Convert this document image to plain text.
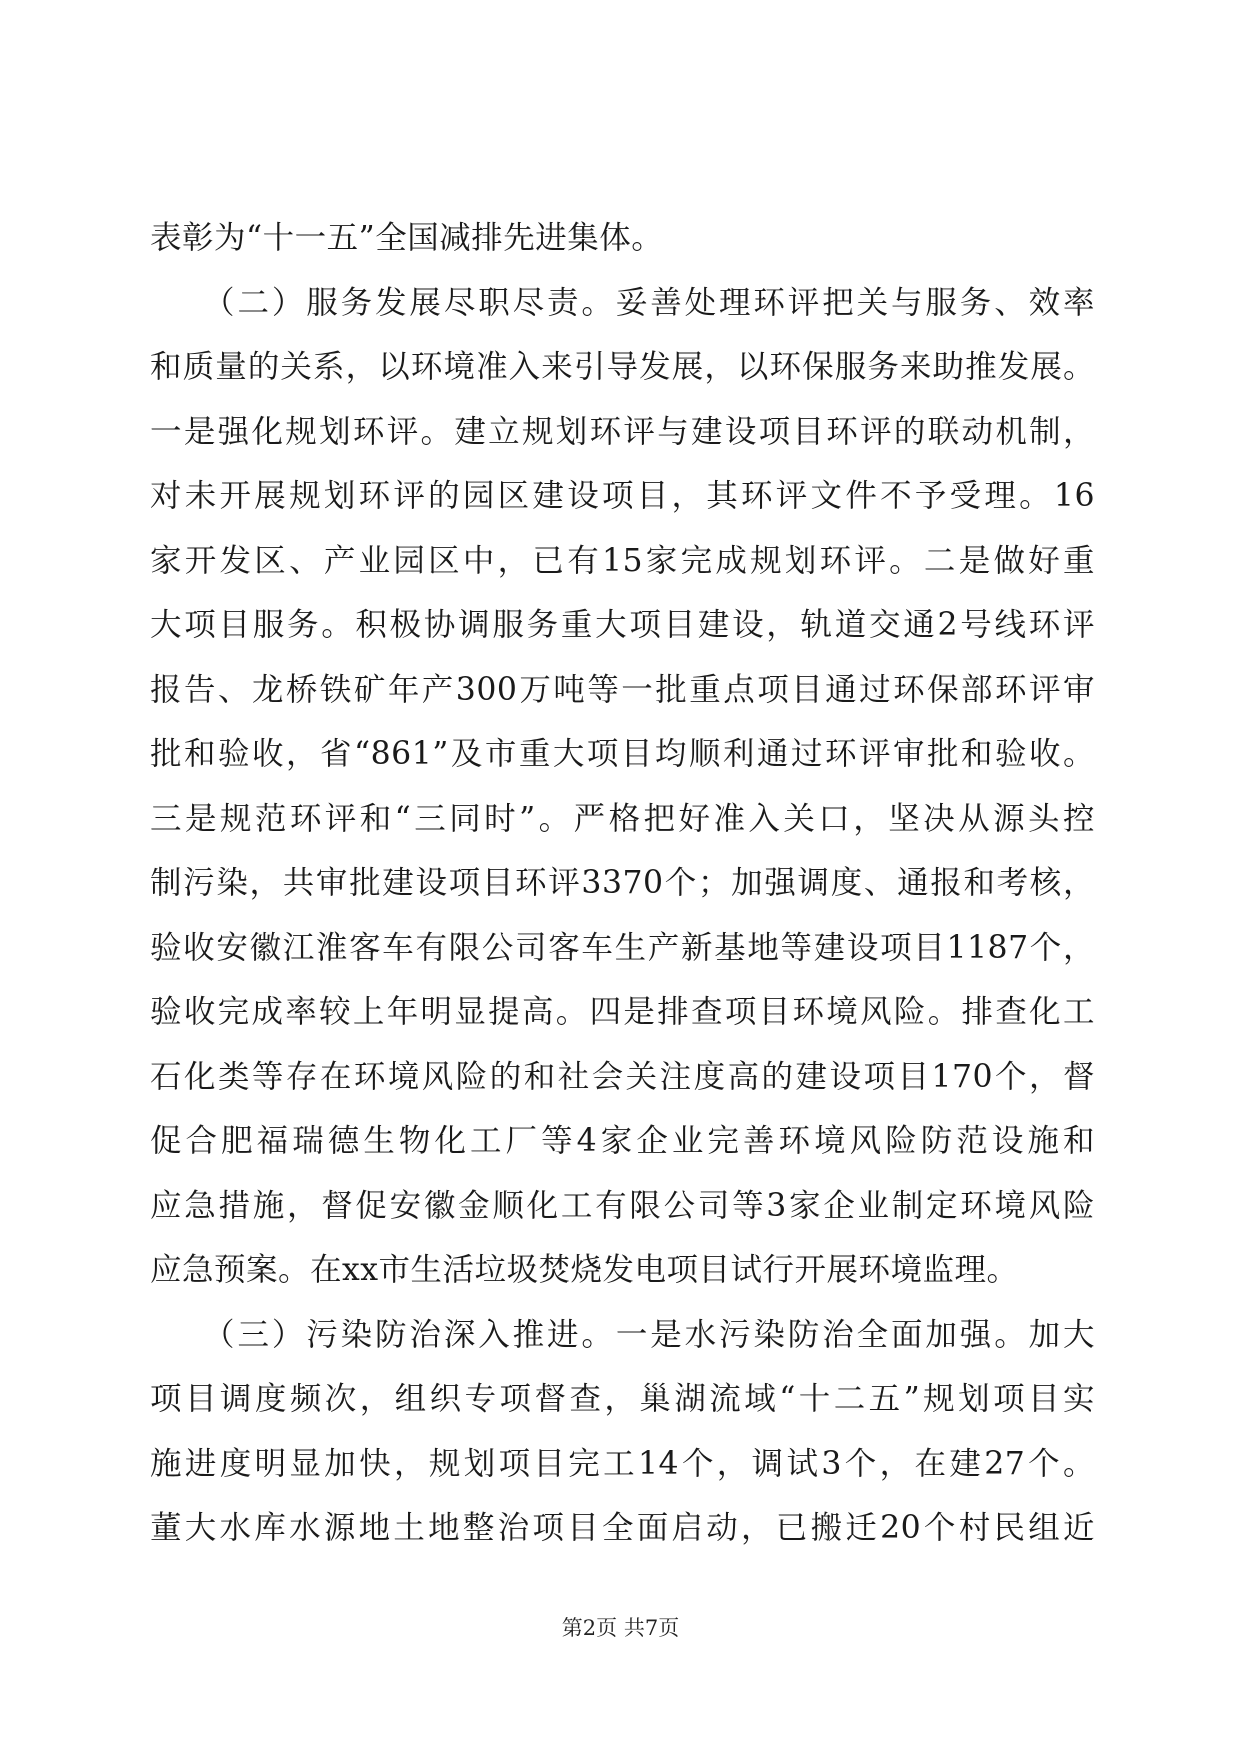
表彰为“十一五”全国减排先进集体。
　　（二）服务发展尽职尽责。妥善处理环评把关与服务、效率
和质量的关系，以环境准入来引导发展，以环保服务来助推发展。
一是强化规划环评。建立规划环评与建设项目环评的联动机制，
对未开展规划环评的园区建设项目，其环评文件不予受理。16
家开发区、产业园区中，已有15家完成规划环评。二是做好重
大项目服务。积极协调服务重大项目建设，轨道交通2号线环评
报告、龙桥铁矿年产300万吨等一批重点项目通过环保部环评审
批和验收，省“861”及市重大项目均顺利通过环评审批和验收。
三是规范环评和“三同时”。严格把好准入关口，坚决从源头控
制污染，共审批建设项目环评3370个；加强调度、通报和考核，
验收安徽江淮客车有限公司客车生产新基地等建设项目1187个，
验收完成率较上年明显提高。四是排查项目环境风险。排查化工
石化类等存在环境风险的和社会关注度高的建设项目170个，督
促合肥福瑞德生物化工厂等4家企业完善环境风险防范设施和
应急措施，督促安徽金顺化工有限公司等3家企业制定环境风险
应急预案。在xx市生活垃圾焚烧发电项目试行开展环境监理。
　　（三）污染防治深入推进。一是水污染防治全面加强。加大
项目调度频次，组织专项督查，巢湖流域“十二五”规划项目实
施进度明显加快，规划项目完工14个，调试3个，在建27个。
董大水库水源地土地整治项目全面启动，已搬迁20个村民组近
第2页 共7页
